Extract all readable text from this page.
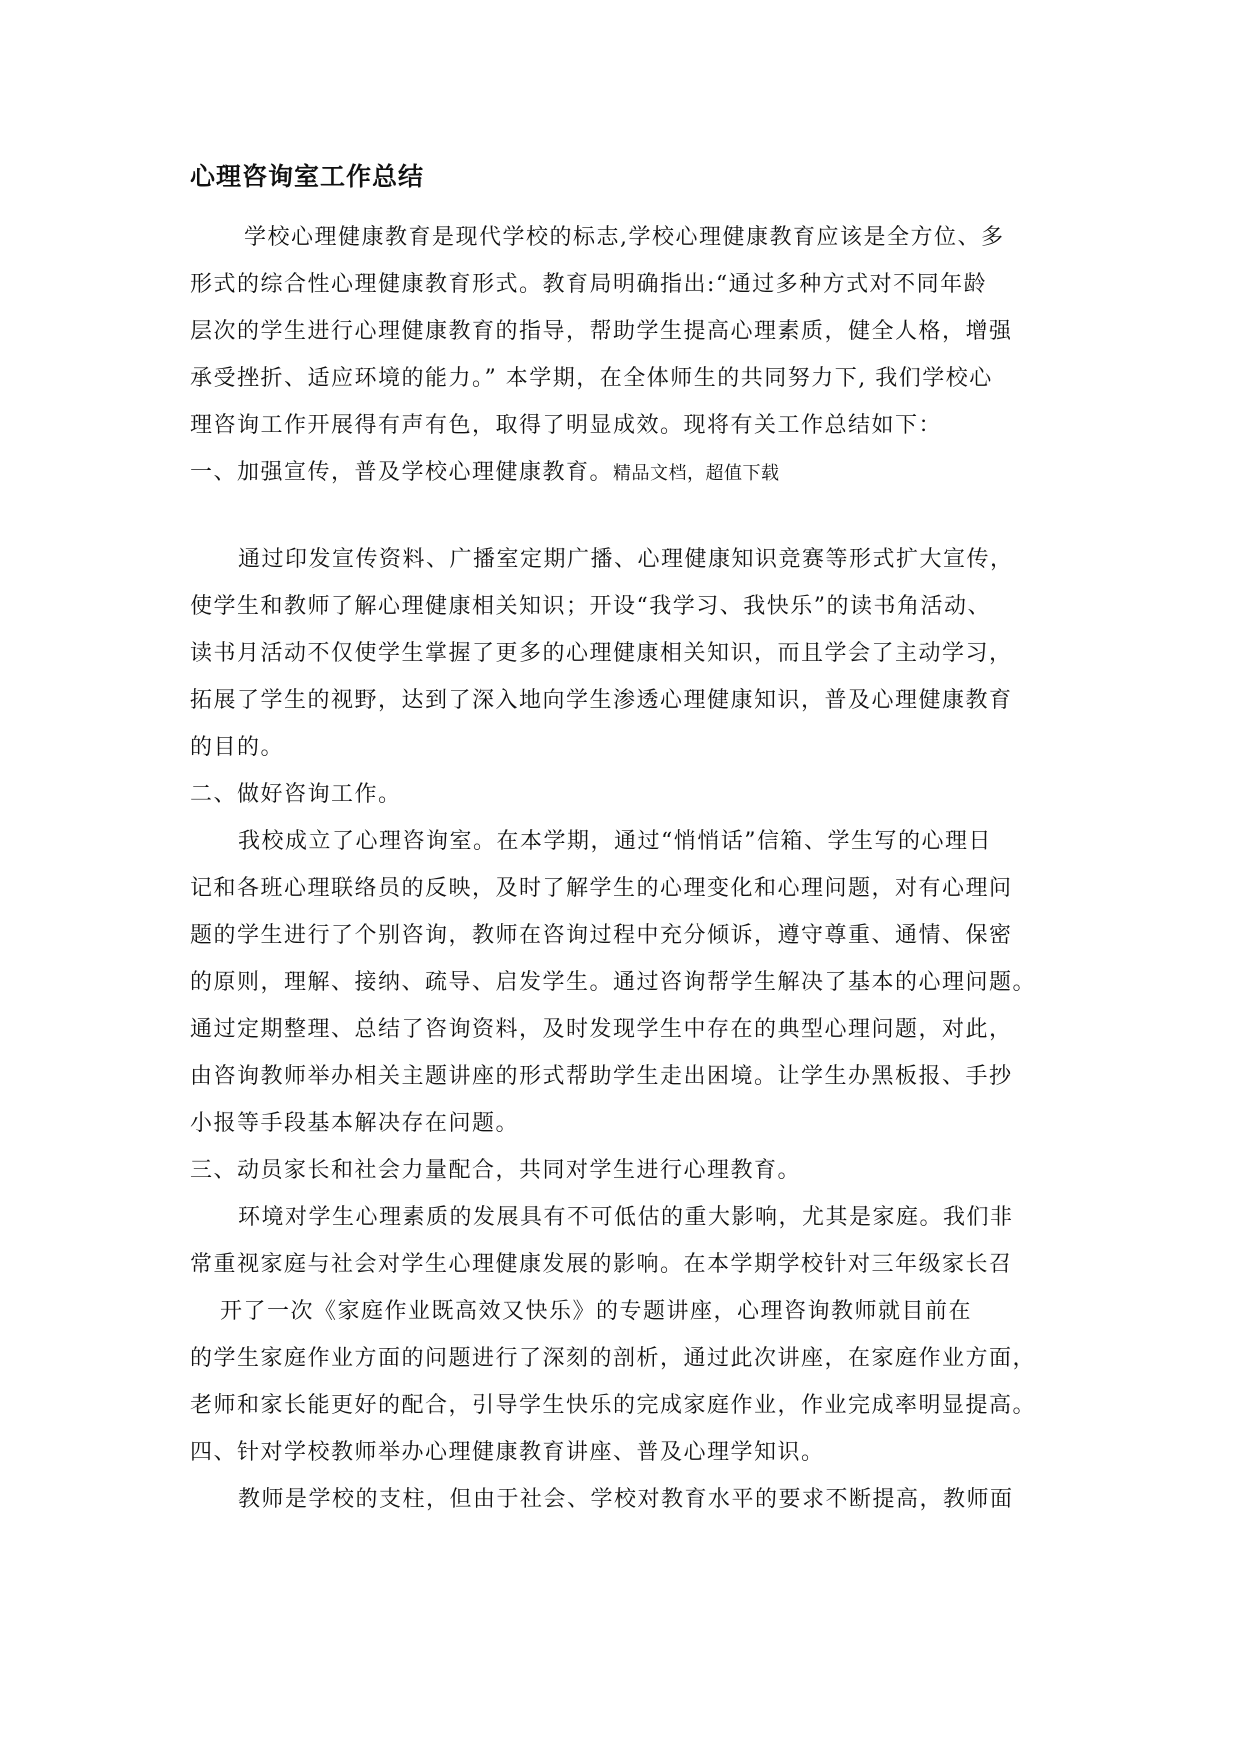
心理咨询室工作总结
学校心理健康教育是现代学校的标志,学校心理健康教育应该是全方位、多
形式的综合性心理健康教育形式。教育局明确指出:“通过多种方式对不同年龄
层次的学生进行心理健康教育的指导，帮助学生提高心理素质，健全人格，增强
承受挫折、适应环境的能力。” 本学期，在全体师生的共同努力下, 我们学校心
理咨询工作开展得有声有色，取得了明显成效。现将有关工作总结如下：
一、加强宣传，普及学校心理健康教育。精品文档，超值下载
通过印发宣传资料、广播室定期广播、心理健康知识竞赛等形式扩大宣传，
使学生和教师了解心理健康相关知识；开设“我学习、我快乐”的读书角活动、
读书月活动不仅使学生掌握了更多的心理健康相关知识，而且学会了主动学习，
拓展了学生的视野，达到了深入地向学生渗透心理健康知识，普及心理健康教育
的目的。
二、做好咨询工作。
我校成立了心理咨询室。在本学期，通过“悄悄话”信箱、学生写的心理日
记和各班心理联络员的反映，及时了解学生的心理变化和心理问题，对有心理问
题的学生进行了个别咨询，教师在咨询过程中充分倾诉，遵守尊重、通情、保密
的原则，理解、接纳、疏导、启发学生。通过咨询帮学生解决了基本的心理问题。
通过定期整理、总结了咨询资料，及时发现学生中存在的典型心理问题，对此，
由咨询教师举办相关主题讲座的形式帮助学生走出困境。让学生办黑板报、手抄
小报等手段基本解决存在问题。
三、动员家长和社会力量配合，共同对学生进行心理教育。
环境对学生心理素质的发展具有不可低估的重大影响，尤其是家庭。我们非
常重视家庭与社会对学生心理健康发展的影响。在本学期学校针对三年级家长召
开了一次《家庭作业既高效又快乐》的专题讲座，心理咨询教师就目前在
的学生家庭作业方面的问题进行了深刻的剖析，通过此次讲座，在家庭作业方面，
老师和家长能更好的配合，引导学生快乐的完成家庭作业，作业完成率明显提高。
四、针对学校教师举办心理健康教育讲座、普及心理学知识。
教师是学校的支柱，但由于社会、学校对教育水平的要求不断提高，教师面
